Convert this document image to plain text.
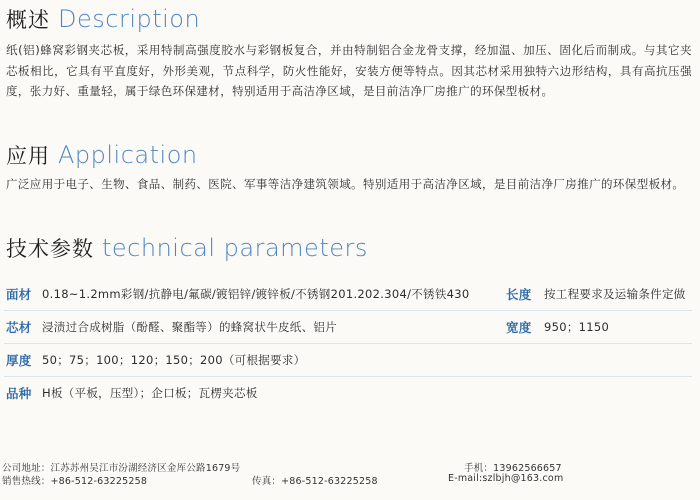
概述 Description

纸(铝)蜂窝彩钢夹芯板，采用特制高强度胶水与彩钢板复合，并由特制铝合金龙骨支撑，经加温、加压、固化后而制成。与其它夹芯板相比，它具有平直度好，外形美观，节点科学，防火性能好，安装方便等特点。因其芯材采用独特六边形结构，具有高抗压强度，张力好、重量轻，属于绿色环保建材，特别适用于高洁净区域，是目前洁净厂房推广的环保型板材。

应用 Application

广泛应用于电子、生物、食品、制药、医院、军事等洁净建筑领域。特别适用于高洁净区域，是目前洁净厂房推广的环保型板材。

技术参数 technical parameters
面材 0.18~1.2mm彩钢/抗静电/氟碳/镀铝锌/镀锌板/不锈钢201.202.304/不锈铁430	长度	按工程要求及运输条件定做
芯材 浸渍过合成树脂（酚醛、聚酯等）的蜂窝状牛皮纸、铝片	宽度	950；1150
厚度 50；75；100；120；150；200（可根据要求）
品种 H板（平板，压型）；企口板；瓦楞夹芯板
公司地址：江苏苏州吴江市汾湖经济区金厍公路1679号	手机：13962566657
销售热线：+86-512-63225258	传真：+86-512-63225258	E-mail:szlbjh@163.com
